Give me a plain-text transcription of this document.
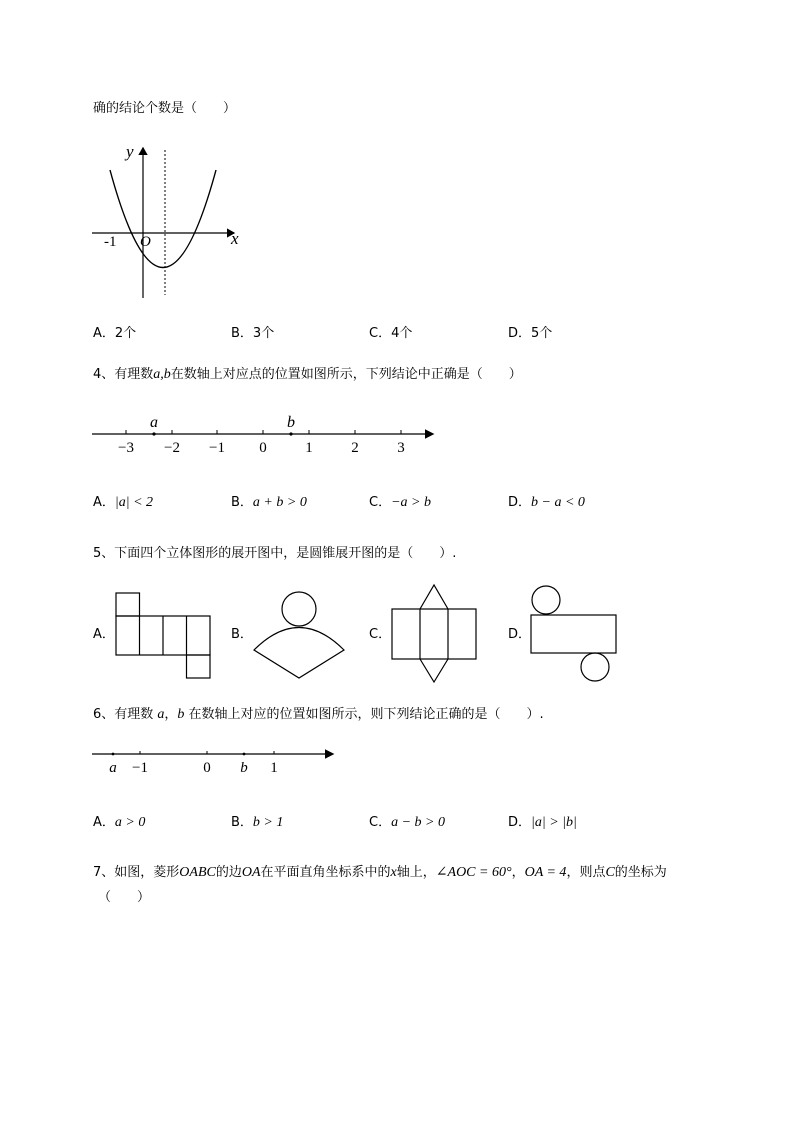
确的结论个数是（　　）
y
x
O
-1
A．2个	B．3个	C．4个	D．5个
4、有理数a,b在数轴上对应点的位置如图所示，下列结论中正确是（　　）
a	b
−3 −2 −1 0	1	2	3
A．|a| < 2	B．a + b > 0	C．−a > b	D．b − a < 0
5、下面四个立体图形的展开图中，是圆锥展开图的是（　　）.
A．	B．	C．	D．
6、有理数 a，b 在数轴上对应的位置如图所示，则下列结论正确的是（　　）.
a −1	0 b 1
A．a > 0	B．b > 1	C．a − b > 0	D．|a| > |b|
7、如图，菱形OABC的边OA在平面直角坐标系中的x轴上，∠AOC = 60°，OA = 4，则点C的坐标为
（　　）
